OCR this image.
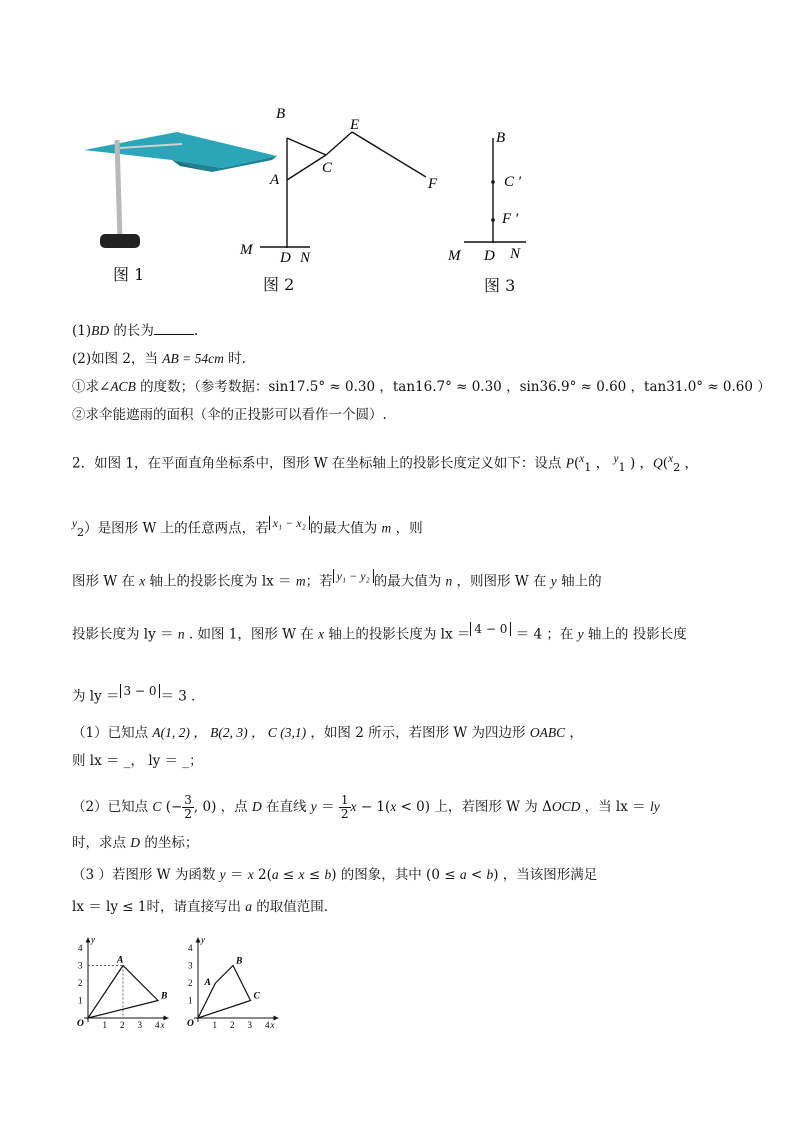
图 1
B
E
A
C
F
M D N
图 2
B
C ′
F ′
M D N
图 3
(1)BD 的长为	.
(2)如图 2，当 AB = 54cm 时.
①求∠ACB 的度数；（参考数据：sin17.5° ≈ 0.30 ，tan16.7° ≈ 0.30 ，sin36.9° ≈ 0.60 ，tan31.0° ≈ 0.60 ）
②求伞能遮雨的面积（伞的正投影可以看作一个圆）.
2．如图 1，在平面直角坐标系中，图形 W 在坐标轴上的投影长度定义如下：设点 P($^x_1$ ， $^y_1$ ) ，Q($^x_2$ ，
$^y_2$）是图形 W 上的任意两点，若 $^{x_1 - x_2}$ 的最大值为 m ，则
图形 W 在 x 轴上的投影长度为 lx ＝ m；若 $^{y_1 - y_2}$ 的最大值为 n ，则图形 W 在 y 轴上的
投影长度为 ly ＝ n . 如图 1，图形 W 在 x 轴上的投影长度为 lx ＝ $^{4 - 0}$ ＝ 4 ；在 y 轴上的 投影长度
为 ly ＝ $^{3 - 0}$ ＝ 3 ．
（1）已知点 A(1, 2) ， B(2, 3) ， C (3,1) ，如图 2 所示，若图形 W 为四边形 OABC ，
则 lx ＝ _， ly ＝ _；
（2）已知点 C (− $\frac{3}{2}$ , 0) ，点 D 在直线 $y = \frac{1}{2}$ x − 1(x < 0) 上，若图形 W 为 ΔOCD ，当 lx ＝ ly
时，求点 D 的坐标；
（3 ）若图形 W 为函数 y ＝ x 2(a ≤ x ≤ b) 的图象，其中 (0 ≤ a < b) ，当该图形满足
lx ＝ ly ≤ 1时，请直接写出 a 的取值范围.
1 2 3 4
1
2
3
4
x
y
O
A
B
1 2 3 4
1
2
3
4
x
y
O
A
B
C
